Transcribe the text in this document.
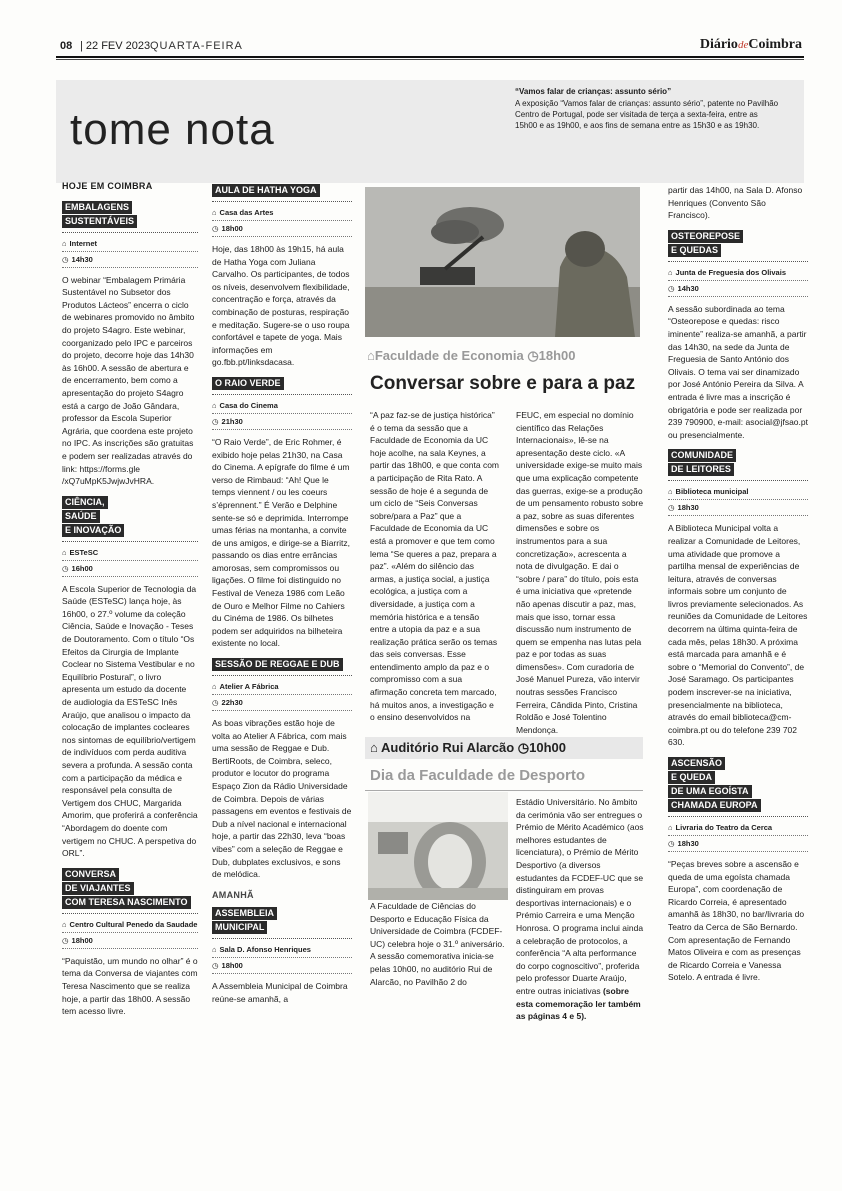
08 | 22 FEV 2023 QUARTA-FEIRA	DiáriodeCoimbra
tome nota
“Vamos falar de crianças: assunto sério”
A exposição “Vamos falar de crianças: assunto sério”, patente no Pavilhão Centro de Portugal, pode ser visitada de terça a sexta-feira, entre as 15h00 e as 19h00, e aos fins de semana entre as 15h30 e as 19h30.
HOJE EM COIMBRA
EMBALAGENS
SUSTENTÁVEIS
⌂ Internet
◷ 14h30

O webinar “Embalagem Primária Sustentável no Subsetor dos Produtos Lácteos” encerra o ciclo de webinares promovido no âmbito do projeto S4agro. Este webinar, coorganizado pelo IPC e parceiros do projeto, decorre hoje das 14h30 às 16h00. A sessão de abertura e de encerramento, bem como a apresentação do projeto S4agro está a cargo de João Gândara, professor da Escola Superior Agrária, que coordena este projeto no IPC. As inscrições são gratuitas e podem ser realizadas através do link: https://forms.gle /xQ7uMpK5JwjwJvHRA.

CIÊNCIA,
SAÚDE
E INOVAÇÃO
⌂ ESTeSC
◷ 16h00

A Escola Superior de Tecnologia da Saúde (ESTeSC) lança hoje, às 16h00, o 27.º volume da coleção Ciência, Saúde e Inovação - Teses de Doutoramento. Com o título “Os Efeitos da Cirurgia de Implante Coclear no Sistema Vestibular e no Equilíbrio Postural”, o livro apresenta um estudo da docente de audiologia da ESTeSC Inês Araújo, que analisou o impacto da colocação de implantes cocleares nos sintomas de equilíbrio/vertigem de indivíduos com perda auditiva severa a profunda. A sessão conta com a participação da médica e responsável pela consulta de Vertigem dos CHUC, Margarida Amorim, que proferirá a conferência “Abordagem do doente com vertigem no CHUC. A perspetiva do ORL”.

CONVERSA
DE VIAJANTES
COM TERESA NASCIMENTO
⌂ Centro Cultural Penedo da Saudade
◷ 18h00

“Paquistão, um mundo no olhar” é o tema da Conversa de viajantes com Teresa Nascimento que se realiza hoje, a partir das 18h00. A sessão tem acesso livre.

AULA DE HATHA YOGA
⌂ Casa das Artes
◷ 18h00

Hoje, das 18h00 às 19h15, há aula de Hatha Yoga com Juliana Carvalho. Os participantes, de todos os níveis, desenvolvem flexibilidade, concentração e força, através da combinação de posturas, respiração e meditação. Sugere-se o uso roupa confortável e tapete de yoga. Mais informações em go.fbb.pt/linksdacasa.

O RAIO VERDE
⌂ Casa do Cinema
◷ 21h30

“O Raio Verde”, de Eric Rohmer, é exibido hoje pelas 21h30, na Casa do Cinema. A epígrafe do filme é um verso de Rimbaud: “Ah! Que le temps viennent / ou les coeurs s’éprennent.” É Verão e Delphine sente-se só e deprimida. Interrompe umas férias na montanha, a convite de uns amigos, e dirige-se a Biarritz, passando os dias entre errâncias amorosas, sem compromissos ou ligações. O filme foi distinguido no Festival de Veneza 1986 com Leão de Ouro e Melhor Filme no Cahiers du Cinéma de 1986. Os bilhetes podem ser adquiridos na bilheteira existente no local.

SESSÃO DE REGGAE E DUB
⌂ Atelier A Fábrica
◷ 22h30

As boas vibrações estão hoje de volta ao Atelier A Fábrica, com mais uma sessão de Reggae e Dub. BertiRoots, de Coimbra, seleco, produtor e locutor do programa Espaço Zion da Rádio Universidade de Coimbra. Depois de várias passagens em eventos e festivais de Dub a nível nacional e internacional hoje, a partir das 22h30, leva “boas vibes” com a seleção de Reggae e Dub, dubplates exclusivos, e sons de melódica.

AMANHÃ
ASSEMBLEIA
MUNICIPAL
⌂ Sala D. Afonso Henriques
◷ 18h00

A Assembleia Municipal de Coimbra reúne-se amanhã, a

⌂Faculdade de Economia ◷18h00
Conversar sobre e para a paz

“A paz faz-se de justiça histórica” é o tema da sessão que a Faculdade de Economia da UC hoje acolhe, na sala Keynes, a partir das 18h00, e que conta com a participação de Rita Rato. A sessão de hoje é a segunda de um ciclo de “Seis Conversas sobre/para a Paz” que a Faculdade de Economia da UC está a promover e que tem como lema “Se queres a paz, prepara a paz”. «Além do silêncio das armas, a justiça social, a justiça ecológica, a justiça com a diversidade, a justiça com a memória histórica e a tensão entre a utopia da paz e a sua realização prática serão os temas das seis conversas. Esse entendimento amplo da paz e o compromisso com a sua afirmação concreta tem marcado, há muitos anos, a investigação e o ensino desenvolvidos na

FEUC, em especial no domínio científico das Relações Internacionais», lê-se na apresentação deste ciclo. «A universidade exige-se muito mais que uma explicação competente das guerras, exige-se a produção de um pensamento robusto sobre a paz, sobre as suas diferentes dimensões e sobre os instrumentos para a sua concretização», acrescenta a nota de divulgação. E dai o “sobre / para” do título, pois esta é uma iniciativa que «pretende não apenas discutir a paz, mas, mais que isso, tornar essa discussão num instrumento de quem se empenha nas lutas pela paz e por todas as suas dimensões». Com curadoria de José Manuel Pureza, vão intervir noutras sessões Francisco Ferreira, Cândida Pinto, Cristina Roldão e José Tolentino Mendonça.

⌂ Auditório Rui Alarcão ◷10h00
Dia da Faculdade de Desporto

A Faculdade de Ciências do Desporto e Educação Física da Universidade de Coimbra (FCDEF-UC) celebra hoje o 31.º aniversário. A sessão comemorativa inicia-se pelas 10h00, no auditório Rui de Alarcão, no Pavilhão 2 do

Estádio Universitário. No âmbito da cerimónia vão ser entregues o Prémio de Mérito Académico (aos melhores estudantes de licenciatura), o Prémio de Mérito Desportivo (a diversos estudantes da FCDEF-UC que se distinguiram em provas desportivas internacionais) e o Prémio Carreira e uma Menção Honrosa. O programa inclui ainda a celebração de protocolos, a conferência “A alta performance do corpo cognoscitivo”, proferida pelo professor Duarte Araújo, entre outras iniciativas (sobre esta comemoração ler também as páginas 4 e 5).

partir das 14h00, na Sala D. Afonso Henriques (Convento São Francisco).

OSTEOREPOSE
E QUEDAS
⌂ Junta de Freguesia dos Olivais
◷ 14h30

A sessão subordinada ao tema “Osteorepose e quedas: risco iminente” realiza-se amanhã, a partir das 14h30, na sede da Junta de Freguesia de Santo António dos Olivais. O tema vai ser dinamizado por José António Pereira da Silva. A entrada é livre mas a inscrição é obrigatória e pode ser realizada por 239 790900, e-mail: asocial@jfsao.pt ou presencialmente.

COMUNIDADE
DE LEITORES
⌂ Biblioteca municipal
◷ 18h30

A Biblioteca Municipal volta a realizar a Comunidade de Leitores, uma atividade que promove a partilha mensal de experiências de leitura, através de conversas informais sobre um conjunto de livros previamente selecionados. As reuniões da Comunidade de Leitores decorrem na última quinta-feira de cada mês, pelas 18h30. A próxima está marcada para amanhã e é sobre o “Memorial do Convento”, de José Saramago. Os participantes podem inscrever-se na iniciativa, presencialmente na biblioteca, através do email biblioteca@cm-coimbra.pt ou do telefone 239 702 630.

ASCENSÃO
E QUEDA
DE UMA EGOÍSTA
CHAMADA EUROPA
⌂ Livraria do Teatro da Cerca
◷ 18h30

“Peças breves sobre a ascensão e queda de uma egoísta chamada Europa”, com coordenação de Ricardo Correia, é apresentado amanhã às 18h30, no bar/livraria do Teatro da Cerca de São Bernardo. Com apresentação de Fernando Matos Oliveira e com as presenças de Ricardo Correia e Vanessa Sotelo. A entrada é livre.
